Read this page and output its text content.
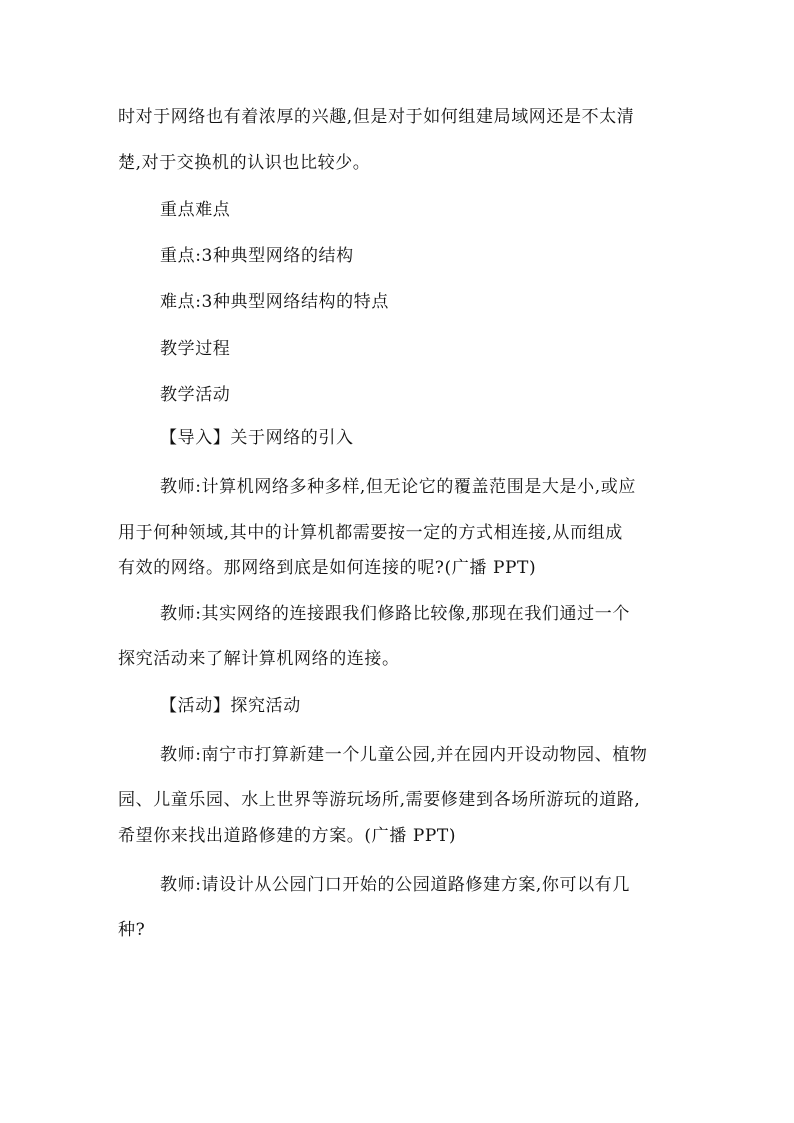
时对于网络也有着浓厚的兴趣,但是对于如何组建局域网还是不太清
楚,对于交换机的认识也比较少。
重点难点
重点:3种典型网络的结构
难点:3种典型网络结构的特点
教学过程
教学活动
【导入】关于网络的引入
教师:计算机网络多种多样,但无论它的覆盖范围是大是小,或应
用于何种领域,其中的计算机都需要按一定的方式相连接,从而组成
有效的网络。那网络到底是如何连接的呢?(广播 PPT)
教师:其实网络的连接跟我们修路比较像,那现在我们通过一个
探究活动来了解计算机网络的连接。
【活动】探究活动
教师:南宁市打算新建一个儿童公园,并在园内开设动物园、植物
园、儿童乐园、水上世界等游玩场所,需要修建到各场所游玩的道路,
希望你来找出道路修建的方案。(广播 PPT)
教师:请设计从公园门口开始的公园道路修建方案,你可以有几
种?
